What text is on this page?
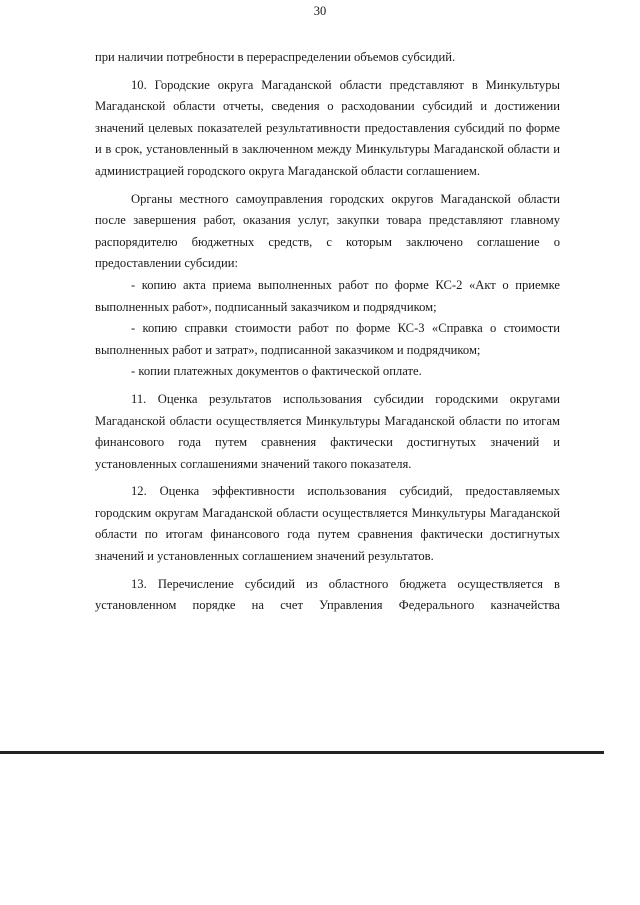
30

при наличии потребности в перераспределении объемов субсидий.

10. Городские округа Магаданской области представляют в Минкультуры Магаданской области отчеты, сведения о расходовании субсидий и достижении значений целевых показателей результативности предоставления субсидий по форме и в срок, установленный в заключенном между Минкультуры Магаданской области и администрацией городского округа Магаданской области соглашением.

Органы местного самоуправления городских округов Магаданской области после завершения работ, оказания услуг, закупки товара представляют главному распорядителю бюджетных средств, с которым заключено соглашение о предоставлении субсидии:

- копию акта приема выполненных работ по форме КС-2 «Акт о приемке выполненных работ», подписанный заказчиком и подрядчиком;

- копию справки стоимости работ по форме КС-3 «Справка о стоимости выполненных работ и затрат», подписанной заказчиком и подрядчиком;

- копии платежных документов о фактической оплате.

11. Оценка результатов использования субсидии городскими округами Магаданской области осуществляется Минкультуры Магаданской области по итогам финансового года путем сравнения фактически достигнутых значений и установленных соглашениями значений такого показателя.

12. Оценка эффективности использования субсидий, предоставляемых городским округам Магаданской области осуществляется Минкультуры Магаданской области по итогам финансового года путем сравнения фактически достигнутых значений и установленных соглашением значений результатов.

13. Перечисление субсидий из областного бюджета осуществляется в установленном порядке на счет Управления Федерального казначейства
